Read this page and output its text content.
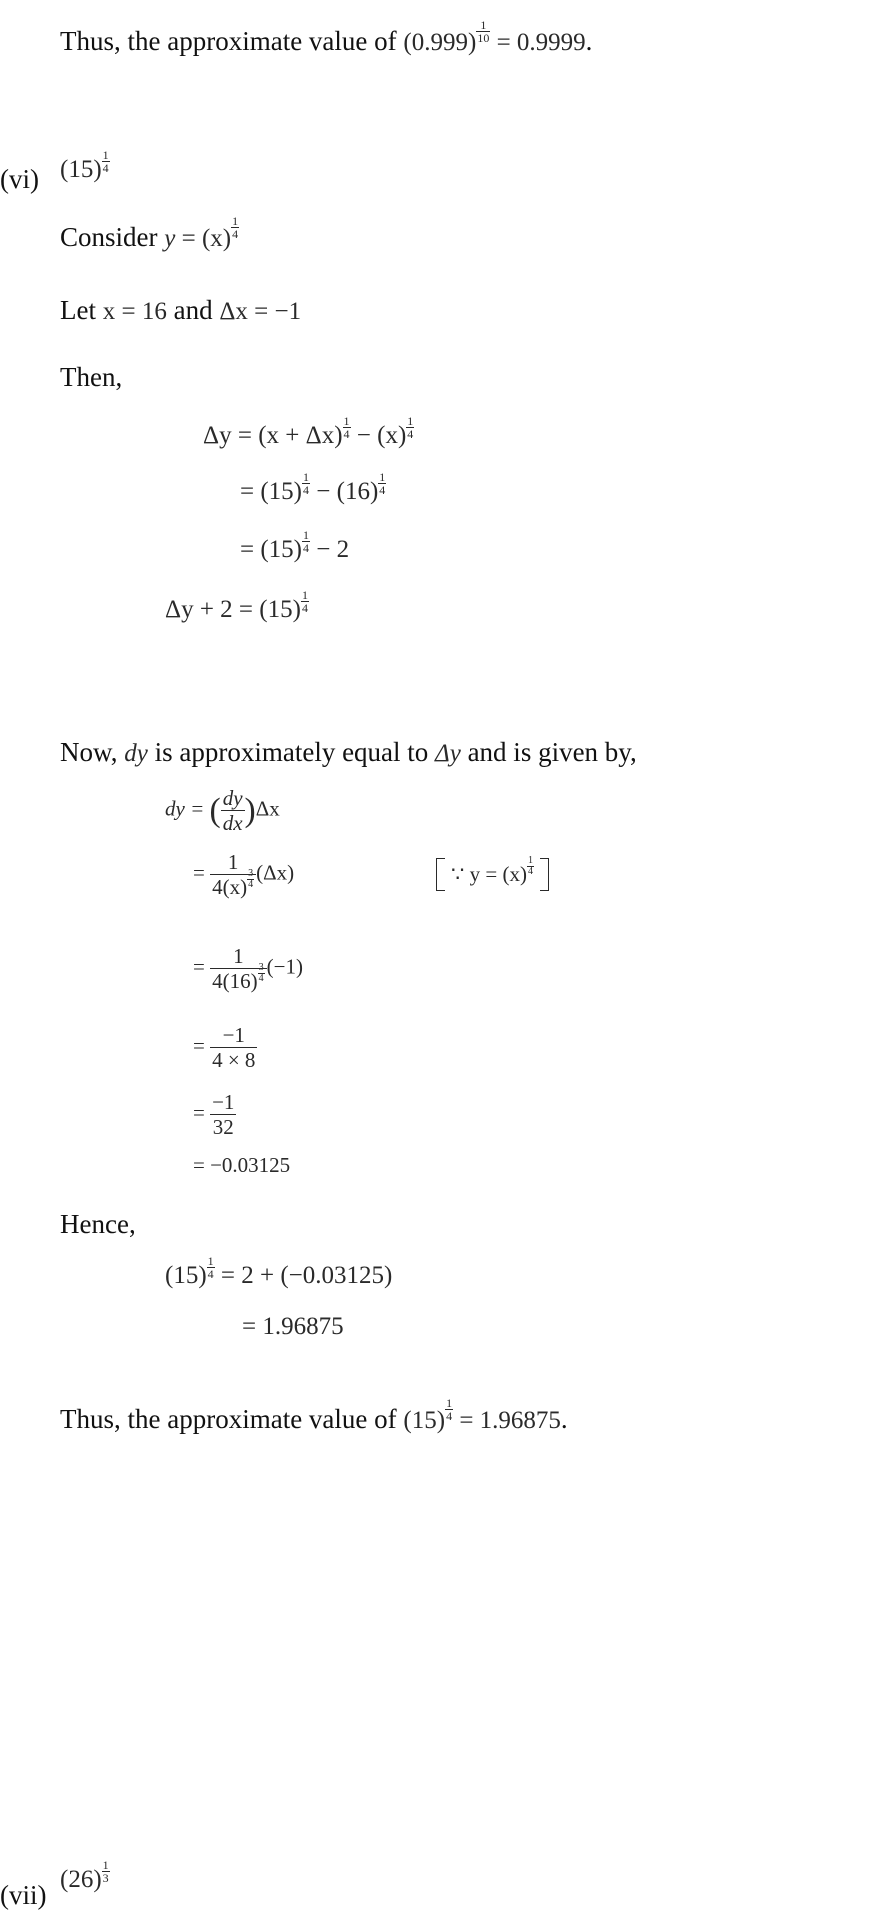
Thus, the approximate value of (0.999) $^{\frac{1}{10}}$ = 0.9999.
(vi) (15) $^{\frac{1}{4}}$
Consider y = (x) $^{\frac{1}{4}}$
Let x = 16 and Δx = −1
Then,
Δy = (x + Δx) $^{\frac{1}{4}}$ − (x) $^{\frac{1}{4}}$
= (15) $^{\frac{1}{4}}$ − (16) $^{\frac{1}{4}}$
= (15) $^{\frac{1}{4}}$ − 2
Δy + 2 = (15) $^{\frac{1}{4}}$
Now, dy is approximately equal to Δy and is given by,
dy = ( $\frac{dy}{dx} )\Delta x$
= 1
4(x) $^{\frac{3}{4}}$ (Δx)	∵ y = (x) $^{\frac{1}{4}}$
= 1
4(16) $^{\frac{3}{4}}$ (−1)
= $\frac{-1}{4 \times 8}$
= $\frac{-1}{32}$
= −0.03125
Hence,
(15) $^{\frac{1}{4}}$ = 2 + (−0.03125)
= 1.96875
Thus, the approximate value of (15) $^{\frac{1}{4}}$ = 1.96875.
(vii)
(26) $^{\frac{1}{3}}$
